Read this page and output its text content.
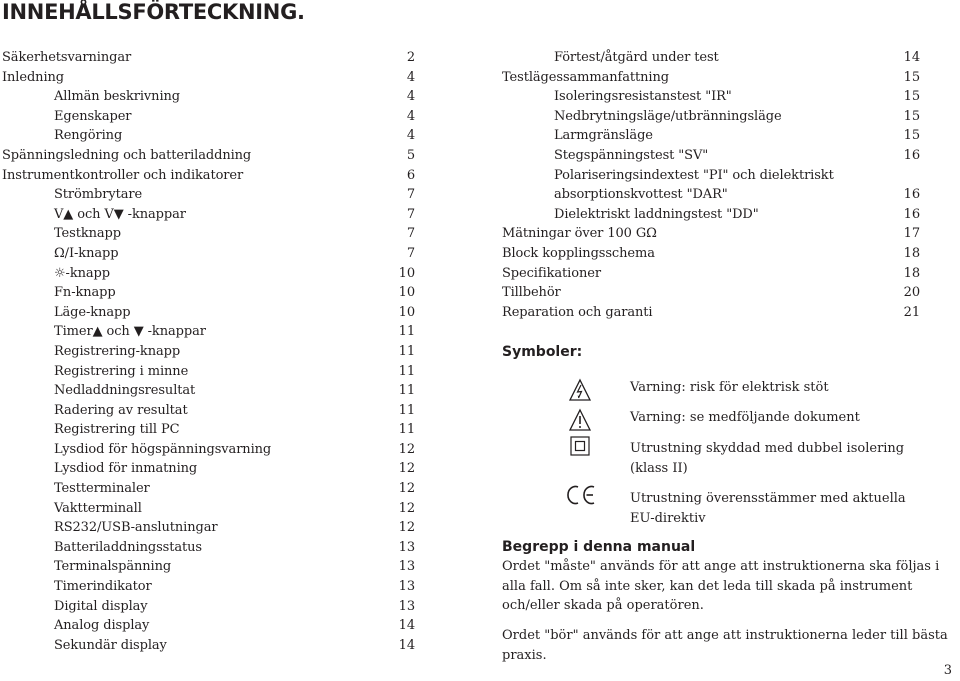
INNEHÅLLSFÖRTECKNING.
Säkerhetsvarningar	2
Inledning	4
Allmän beskrivning	4
Egenskaper	4
Rengöring	4
Spänningsledning och batteriladdning	5
Instrumentkontroller och indikatorer	6
Strömbrytare	7
V▲ och V▼ -knappar	7
Testknapp	7
Ω/I-knapp	7
☼-knapp	10
Fn-knapp	10
Läge-knapp	10
Timer▲ och ▼ -knappar	11
Registrering-knapp	11
Registrering i minne	11
Nedladdningsresultat	11
Radering av resultat	11
Registrering till PC	11
Lysdiod för högspänningsvarning	12
Lysdiod för inmatning	12
Testterminaler	12
Vaktterminall	12
RS232/USB-anslutningar	12
Batteriladdningsstatus	13
Terminalspänning	13
Timerindikator	13
Digital display	13
Analog display	14
Sekundär display	14
Förtest/åtgärd under test	14
Testlägessammanfattning	15
Isoleringsresistanstest "IR"	15
Nedbrytningsläge/utbränningsläge	15
Larmgränsläge	15
Stegspänningstest "SV"	16
Polariseringsindextest "PI" och dielektriskt
absorptionskvottest "DAR"	16
Dielektriskt laddningstest "DD"	16
Mätningar över 100 GΩ	17
Block kopplingsschema	18
Specifikationer	18
Tillbehör	20
Reparation och garanti	21
Symboler:
Varning: risk för elektrisk stöt
Varning: se medföljande dokument
Utrustning skyddad med dubbel isolering
(klass II)
Utrustning överensstämmer med aktuella
EU-direktiv
Begrepp i denna manual

Ordet "måste" används för att ange att instruktionerna ska följas i alla fall. Om så inte sker, kan det leda till skada på instrument och/eller skada på operatören.

Ordet "bör" används för att ange att instruktionerna leder till bästa praxis.

3
